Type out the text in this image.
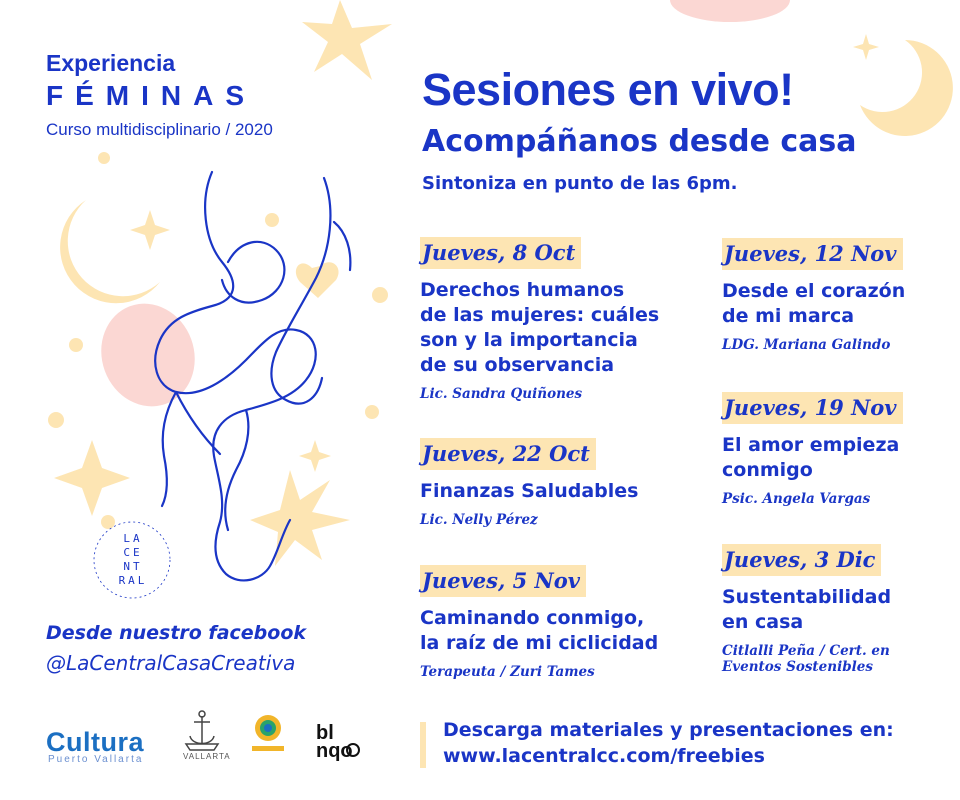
Experiencia
FÉMINAS
Curso multidisciplinario / 2020
LA
CE
NT
RAL
Sesiones en vivo!
Acompáñanos desde casa
Sintoniza en punto de las 6pm.
Jueves, 8 Oct
Derechos humanos
de las mujeres: cuáles
son y la importancia
de su observancia
Lic. Sandra Quiñones
Jueves, 22 Oct
Finanzas Saludables
Lic. Nelly Pérez
Jueves, 5 Nov
Caminando conmigo,
la raíz de mi ciclicidad
Terapeuta / Zuri Tames
Jueves, 12 Nov
Desde el corazón
de mi marca
LDG. Mariana Galindo
Jueves, 19 Nov
El amor empieza
conmigo
Psic. Angela Vargas
Jueves, 3 Dic
Sustentabilidad
en casa
Citlalli Peña / Cert. en
Eventos Sostenibles
Desde nuestro facebook
@LaCentralCasaCreativa
Descarga materiales y presentaciones en:
www.lacentralcc.com/freebies
Cultura
Puerto Vallarta	VALLARTA
bl
nqo
